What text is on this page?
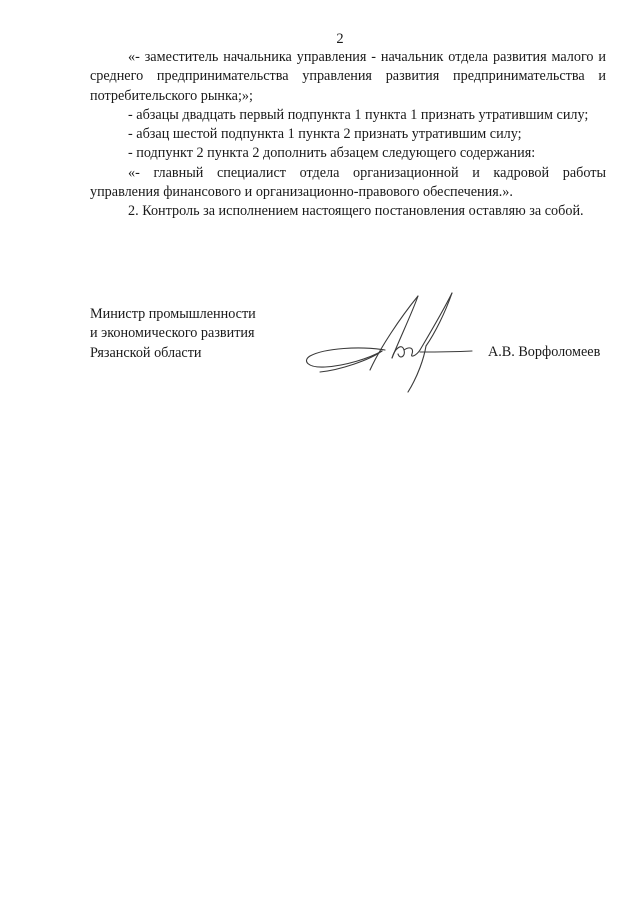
2

«- заместитель начальника управления - начальник отдела развития малого и среднего предпринимательства управления развития предпринимательства и потребительского рынка;»;

- абзацы двадцать первый подпункта 1 пункта 1 признать утратившим силу;

- абзац шестой подпункта 1 пункта 2 признать утратившим силу;

- подпункт 2 пункта 2 дополнить абзацем следующего содержания:

«- главный специалист отдела организационной и кадровой работы управления финансового и организационно-правового обеспечения.».

2. Контроль за исполнением настоящего постановления оставляю за собой.

Министр промышленности
и экономического развития
Рязанской области	А.В. Ворфоломеев
